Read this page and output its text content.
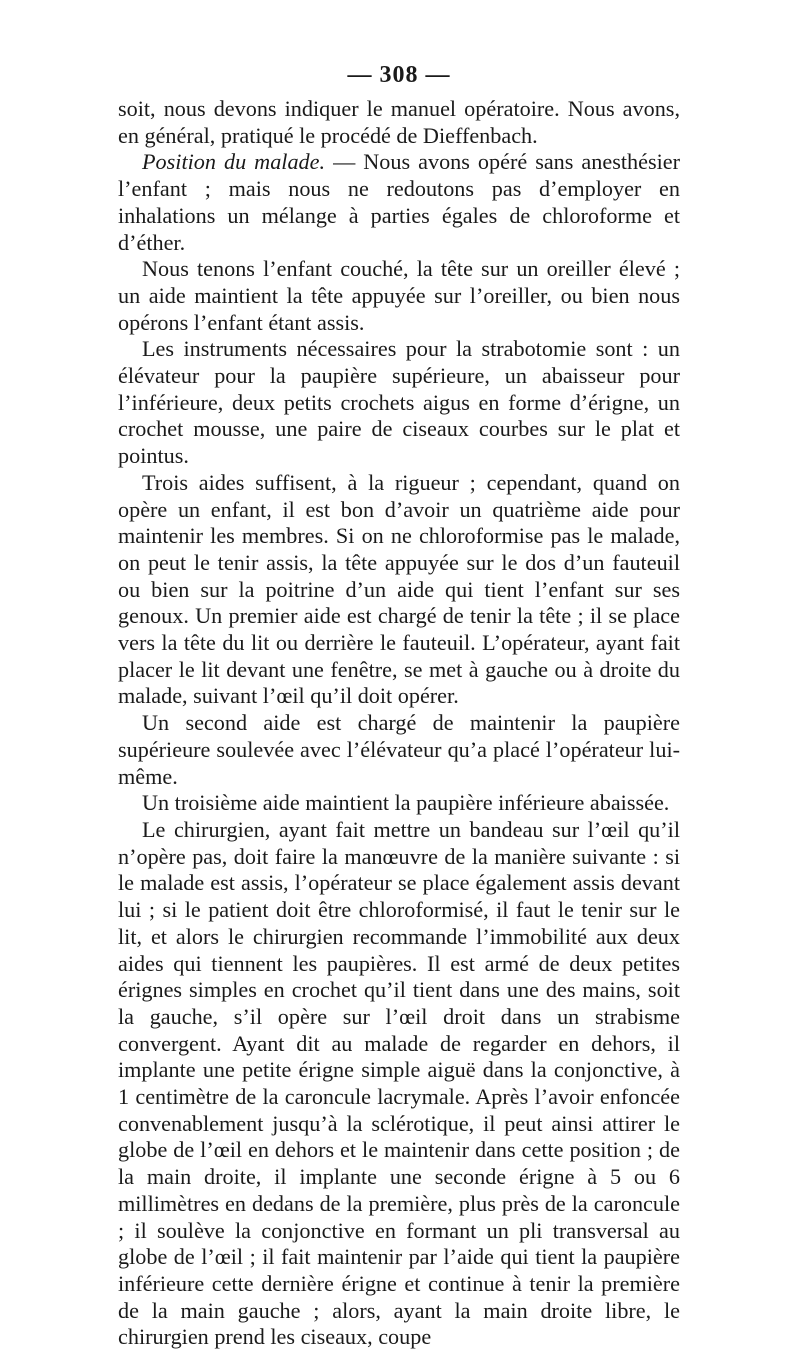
— 308 —

soit, nous devons indiquer le manuel opératoire. Nous avons, en général, pratiqué le procédé de Dieffenbach.

Position du malade. — Nous avons opéré sans anesthésier l’enfant ; mais nous ne redoutons pas d’employer en inhalations un mélange à parties égales de chloroforme et d’éther.

Nous tenons l’enfant couché, la tête sur un oreiller élevé ; un aide maintient la tête appuyée sur l’oreiller, ou bien nous opérons l’enfant étant assis.

Les instruments nécessaires pour la strabotomie sont : un élévateur pour la paupière supérieure, un abaisseur pour l’inférieure, deux petits crochets aigus en forme d’érigne, un crochet mousse, une paire de ciseaux courbes sur le plat et pointus.

Trois aides suffisent, à la rigueur ; cependant, quand on opère un enfant, il est bon d’avoir un quatrième aide pour maintenir les membres. Si on ne chloroformise pas le malade, on peut le tenir assis, la tête appuyée sur le dos d’un fauteuil ou bien sur la poitrine d’un aide qui tient l’enfant sur ses genoux. Un premier aide est chargé de tenir la tête ; il se place vers la tête du lit ou derrière le fauteuil. L’opérateur, ayant fait placer le lit devant une fenêtre, se met à gauche ou à droite du malade, suivant l’œil qu’il doit opérer.

Un second aide est chargé de maintenir la paupière supérieure soulevée avec l’élévateur qu’a placé l’opérateur lui-même.

Un troisième aide maintient la paupière inférieure abaissée.

Le chirurgien, ayant fait mettre un bandeau sur l’œil qu’il n’opère pas, doit faire la manœuvre de la manière suivante : si le malade est assis, l’opérateur se place également assis devant lui ; si le patient doit être chloroformisé, il faut le tenir sur le lit, et alors le chirurgien recommande l’immobilité aux deux aides qui tiennent les paupières. Il est armé de deux petites érignes simples en crochet qu’il tient dans une des mains, soit la gauche, s’il opère sur l’œil droit dans un strabisme convergent. Ayant dit au malade de regarder en dehors, il implante une petite érigne simple aiguë dans la conjonctive, à 1 centimètre de la caroncule lacrymale. Après l’avoir enfoncée convenablement jusqu’à la sclérotique, il peut ainsi attirer le globe de l’œil en dehors et le maintenir dans cette position ; de la main droite, il implante une seconde érigne à 5 ou 6 millimètres en dedans de la première, plus près de la caroncule ; il soulève la conjonctive en formant un pli transversal au globe de l’œil ; il fait maintenir par l’aide qui tient la paupière inférieure cette dernière érigne et continue à tenir la première de la main gauche ; alors, ayant la main droite libre, le chirurgien prend les ciseaux, coupe
